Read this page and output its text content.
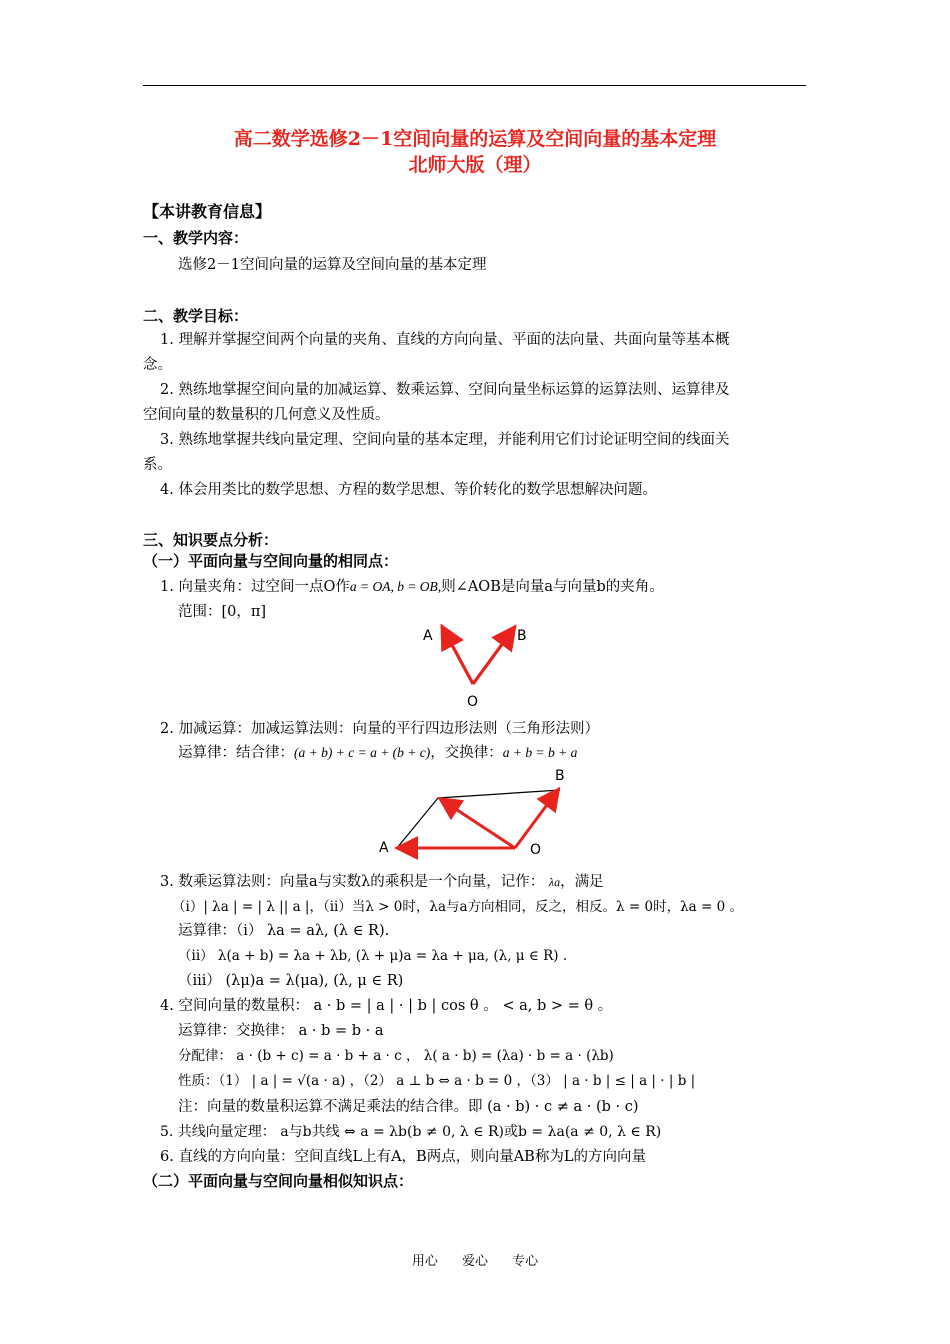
高二数学选修2－1空间向量的运算及空间向量的基本定理
北师大版（理）
【本讲教育信息】
一、教学内容：
选修2－1空间向量的运算及空间向量的基本定理
二、教学目标：
1. 理解并掌握空间两个向量的夹角、直线的方向向量、平面的法向量、共面向量等基本概
念。
2. 熟练地掌握空间向量的加减运算、数乘运算、空间向量坐标运算的运算法则、运算律及
空间向量的数量积的几何意义及性质。
3. 熟练地掌握共线向量定理、空间向量的基本定理，并能利用它们讨论证明空间的线面关
系。
4. 体会用类比的数学思想、方程的数学思想、等价转化的数学思想解决问题。
三、知识要点分析：
（一）平面向量与空间向量的相同点：
1. 向量夹角：过空间一点O作a = OA, b = OB,则∠AOB是向量a与向量b的夹角。
范围：[0，π]
A	B
O
2. 加减运算：加减运算法则：向量的平行四边形法则（三角形法则）
运算律：结合律：(a + b) + c = a + (b + c)，交换律：a + b = b + a
B
A	O
3. 数乘运算法则：向量a与实数λ的乘积是一个向量，记作： λa，满足
（i）| λa | = | λ || a |，（ii）当λ > 0时，λa与a方向相同，反之，相反。λ = 0时，λa = 0 。
运算律：（i） λa = aλ, (λ ∈ R).
（ii） λ(a + b) = λa + λb, (λ + μ)a = λa + μa, (λ, μ ∈ R) .
（iii） (λμ)a = λ(μa), (λ, μ ∈ R)
4. 空间向量的数量积： a · b = | a | · | b | cos θ 。 < a, b > = θ 。
运算律：交换律： a · b = b · a
分配律： a · (b + c) = a · b + a · c ， λ( a · b) = (λa) · b = a · (λb)
性质：（1） | a | = √(a · a) ，（2） a ⊥ b ⇔ a · b = 0 ，（3） | a · b | ≤ | a | · | b |
注：向量的数量积运算不满足乘法的结合律。即 (a · b) · c ≠ a · (b · c)
5. 共线向量定理： a与b共线 ⇔ a = λb(b ≠ 0, λ ∈ R)或b = λa(a ≠ 0, λ ∈ R)
6. 直线的方向向量：空间直线L上有A，B两点，则向量AB称为L的方向向量
（二）平面向量与空间向量相似知识点：
用心 爱心 专心
